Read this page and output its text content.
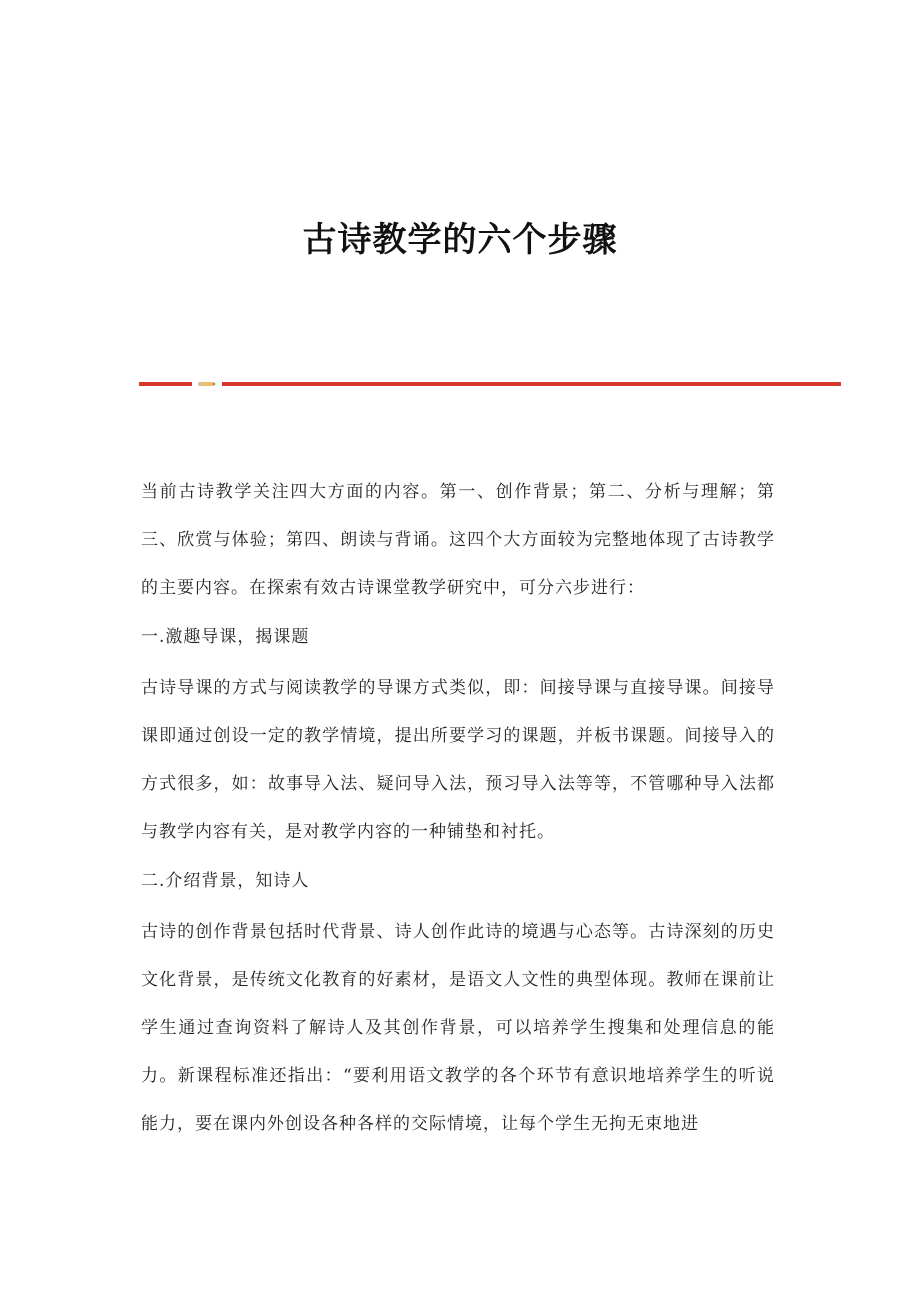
古诗教学的六个步骤

当前古诗教学关注四大方面的内容。第一、创作背景；第二、分析与理解；第三、欣赏与体验；第四、朗读与背诵。这四个大方面较为完整地体现了古诗教学的主要内容。在探索有效古诗课堂教学研究中，可分六步进行：

一.激趣导课，揭课题

古诗导课的方式与阅读教学的导课方式类似，即：间接导课与直接导课。间接导课即通过创设一定的教学情境，提出所要学习的课题，并板书课题。间接导入的方式很多，如：故事导入法、疑问导入法，预习导入法等等，不管哪种导入法都与教学内容有关，是对教学内容的一种铺垫和衬托。

二.介绍背景，知诗人

古诗的创作背景包括时代背景、诗人创作此诗的境遇与心态等。古诗深刻的历史文化背景，是传统文化教育的好素材，是语文人文性的典型体现。教师在课前让学生通过查询资料了解诗人及其创作背景，可以培养学生搜集和处理信息的能力。新课程标准还指出：“要利用语文教学的各个环节有意识地培养学生的听说能力，要在课内外创设各种各样的交际情境，让每个学生无拘无束地进
